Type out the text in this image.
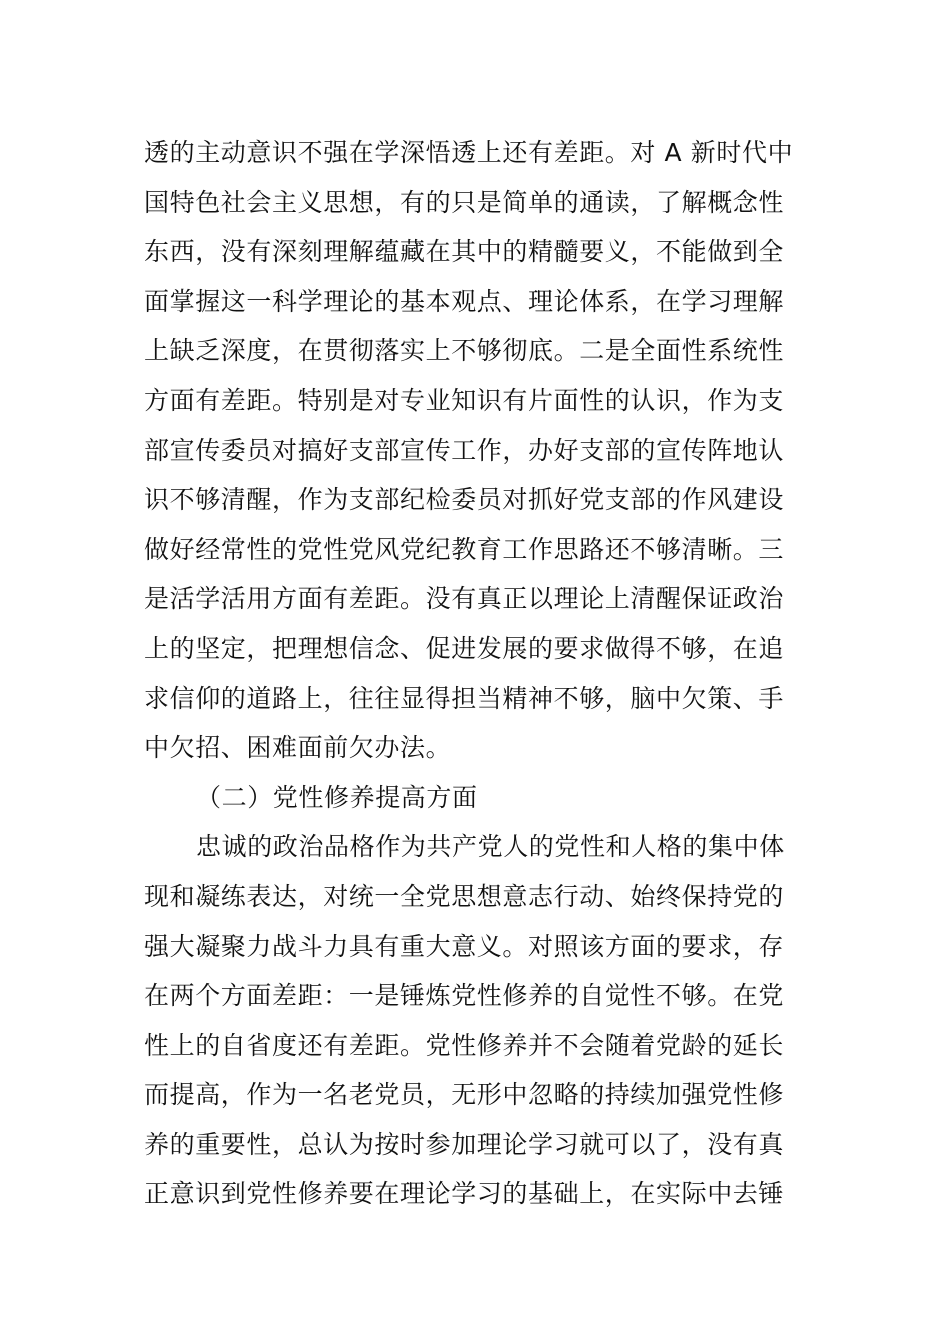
透的主动意识不强在学深悟透上还有差距。对 A 新时代中
国特色社会主义思想，有的只是简单的通读，了解概念性
东西，没有深刻理解蕴藏在其中的精髓要义，不能做到全
面掌握这一科学理论的基本观点、理论体系，在学习理解
上缺乏深度，在贯彻落实上不够彻底。二是全面性系统性
方面有差距。特别是对专业知识有片面性的认识，作为支
部宣传委员对搞好支部宣传工作，办好支部的宣传阵地认
识不够清醒，作为支部纪检委员对抓好党支部的作风建设
做好经常性的党性党风党纪教育工作思路还不够清晰。三
是活学活用方面有差距。没有真正以理论上清醒保证政治
上的坚定，把理想信念、促进发展的要求做得不够，在追
求信仰的道路上，往往显得担当精神不够，脑中欠策、手
中欠招、困难面前欠办法。
（二）党性修养提高方面
忠诚的政治品格作为共产党人的党性和人格的集中体
现和凝练表达，对统一全党思想意志行动、始终保持党的
强大凝聚力战斗力具有重大意义。对照该方面的要求，存
在两个方面差距：一是锤炼党性修养的自觉性不够。在党
性上的自省度还有差距。党性修养并不会随着党龄的延长
而提高，作为一名老党员，无形中忽略的持续加强党性修
养的重要性，总认为按时参加理论学习就可以了，没有真
正意识到党性修养要在理论学习的基础上，在实际中去锤
